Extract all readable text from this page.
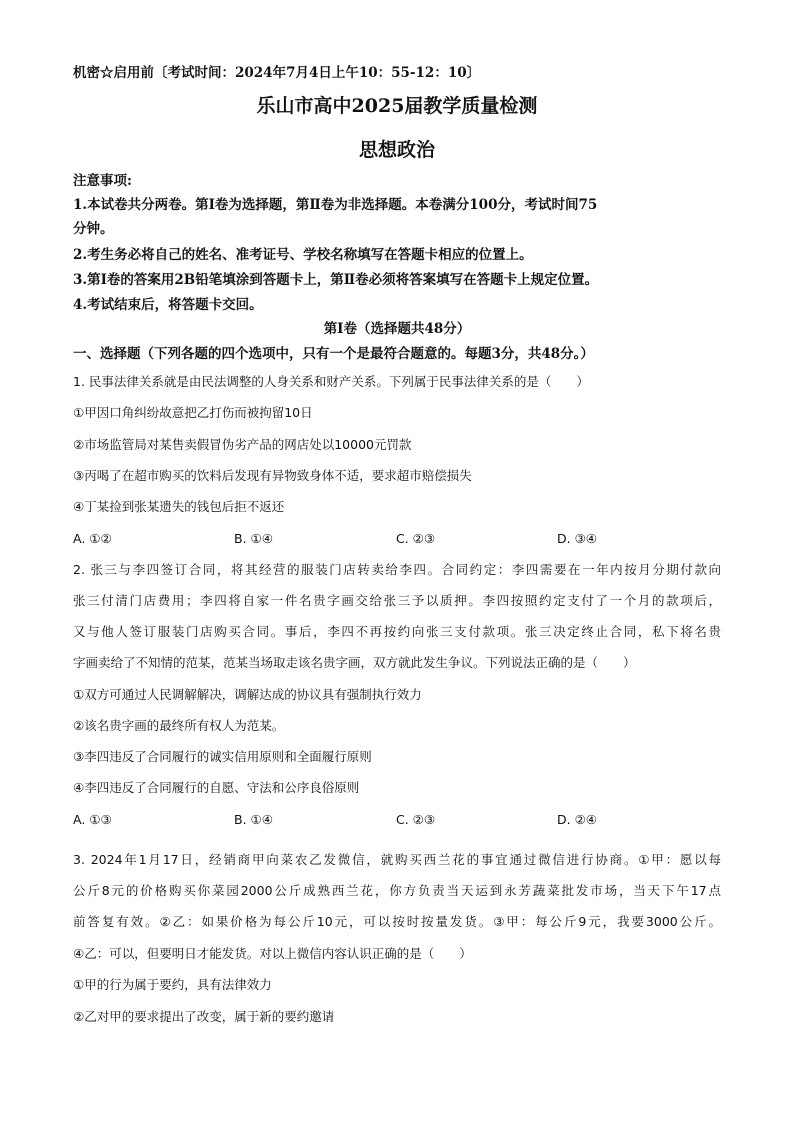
机密☆启用前〔考试时间：2024年7月4日上午10：55-12：10〕
乐山市高中2025届教学质量检测
思想政治
注意事项:
1.本试卷共分两卷。第Ⅰ卷为选择题，第Ⅱ卷为非选择题。本卷满分100分，考试时间75
分钟。
2.考生务必将自己的姓名、准考证号、学校名称填写在答题卡相应的位置上。
3.第Ⅰ卷的答案用2B铅笔填涂到答题卡上，第Ⅱ卷必须将答案填写在答题卡上规定位置。
4.考试结束后，将答题卡交回。
第Ⅰ卷（选择题共48分）
一、选择题（下列各题的四个选项中，只有一个是最符合题意的。每题3分，共48分。）
1. 民事法律关系就是由民法调整的人身关系和财产关系。下列属于民事法律关系的是（　　）
①甲因口角纠纷故意把乙打伤而被拘留10日
②市场监管局对某售卖假冒伪劣产品的网店处以10000元罚款
③丙喝了在超市购买的饮料后发现有异物致身体不适，要求超市赔偿损失
④丁某捡到张某遗失的钱包后拒不返还
A. ①②	B. ①④	C. ②③	D. ③④
2. 张三与李四签订合同，将其经营的服装门店转卖给李四。合同约定：李四需要在一年内按月分期付款向
张三付清门店费用；李四将自家一件名贵字画交给张三予以质押。李四按照约定支付了一个月的款项后，
又与他人签订服装门店购买合同。事后，李四不再按约向张三支付款项。张三决定终止合同，私下将名贵
字画卖给了不知情的范某，范某当场取走该名贵字画，双方就此发生争议。下列说法正确的是（　　）
①双方可通过人民调解解决，调解达成的协议具有强制执行效力
②该名贵字画的最终所有权人为范某。
③李四违反了合同履行的诚实信用原则和全面履行原则
④李四违反了合同履行的自愿、守法和公序良俗原则
A. ①③	B. ①④	C. ②③	D. ②④
3. 2024年1月17日，经销商甲向菜农乙发微信，就购买西兰花的事宜通过微信进行协商。①甲：愿以每
公斤8元的价格购买你菜园2000公斤成熟西兰花，你方负责当天运到永芳蔬菜批发市场，当天下午17点
前答复有效。②乙：如果价格为每公斤10元，可以按时按量发货。③甲：每公斤9元，我要3000公斤。
④乙：可以，但要明日才能发货。对以上微信内容认识正确的是（　　）
①甲的行为属于要约，具有法律效力
②乙对甲的要求提出了改变，属于新的要约邀请
